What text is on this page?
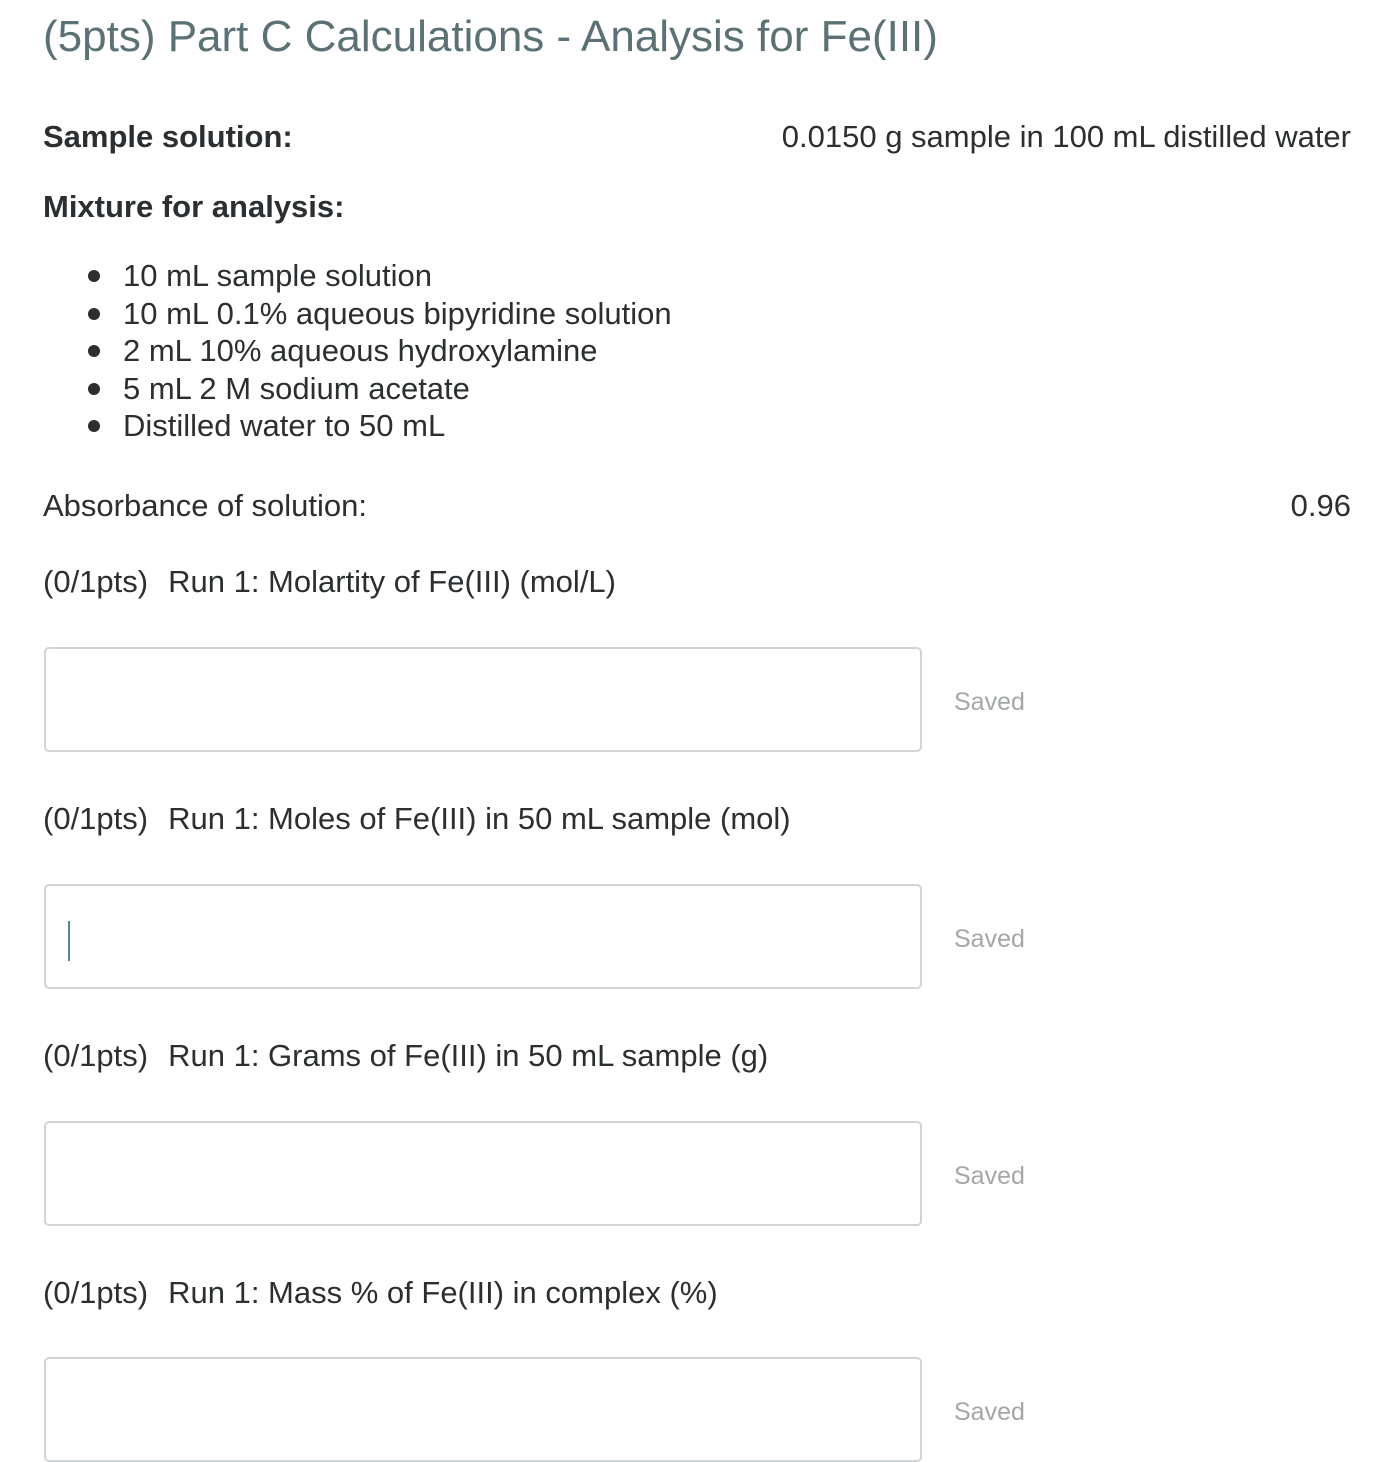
(5pts) Part C Calculations - Analysis for Fe(III)
Sample solution:	0.0150 g sample in 100 mL distilled water
Mixture for analysis:
10 mL sample solution
10 mL 0.1% aqueous bipyridine solution
2 mL 10% aqueous hydroxylamine
5 mL 2 M sodium acetate
Distilled water to 50 mL
Absorbance of solution:	0.96
(0/1pts) Run 1: Molartity of Fe(III) (mol/L)
Saved
(0/1pts) Run 1: Moles of Fe(III) in 50 mL sample (mol)
Saved
(0/1pts) Run 1: Grams of Fe(III) in 50 mL sample (g)
Saved
(0/1pts) Run 1: Mass % of Fe(III) in complex (%)
Saved
